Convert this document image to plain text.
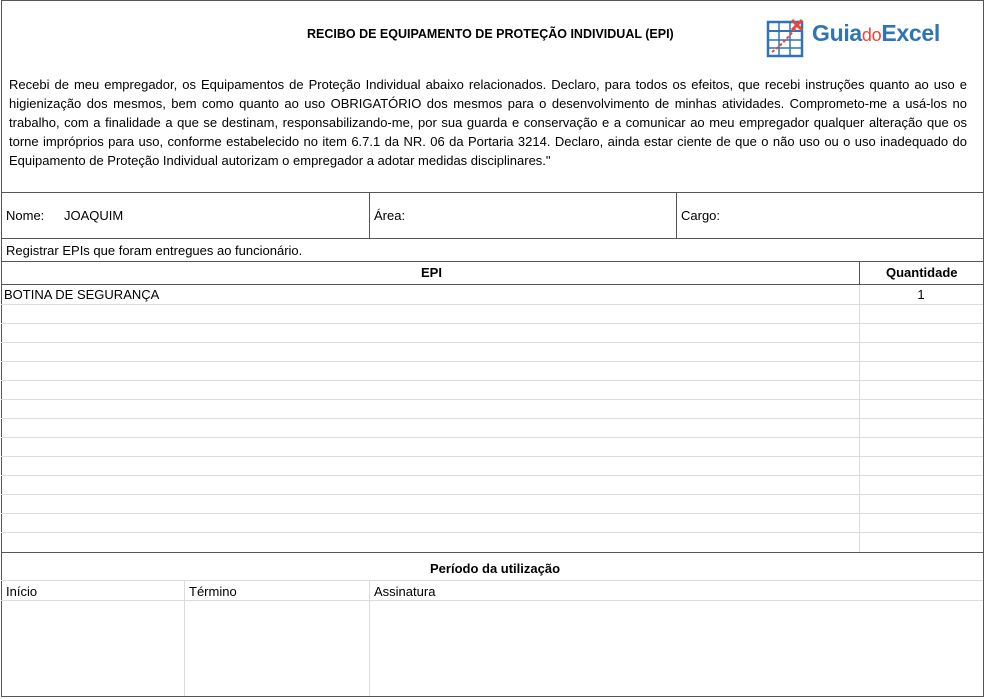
RECIBO DE EQUIPAMENTO DE PROTEÇÃO INDIVIDUAL (EPI)	GuiadoExcel
Recebi de meu empregador, os Equipamentos de Proteção Individual abaixo relacionados. Declaro, para todos os efeitos, que recebi instruções quanto ao uso e higienização dos mesmos, bem como quanto ao uso OBRIGATÓRIO dos mesmos para o desenvolvimento de minhas atividades. Comprometo-me a usá-los no trabalho, com a finalidade a que se destinam, responsabilizando-me, por sua guarda e conservação e a comunicar ao meu empregador qualquer alteração que os torne impróprios para uso, conforme estabelecido no item 6.7.1 da NR. 06 da Portaria 3214. Declaro, ainda estar ciente de que o não uso ou o uso inadequado do Equipamento de Proteção Individual autorizam o empregador a adotar medidas disciplinares."
Nome: JOAQUIM	Área:	Cargo:
Registrar EPIs que foram entregues ao funcionário.
EPI	Quantidade
BOTINA DE SEGURANÇA	1
Período da utilização
Início	Término	Assinatura
